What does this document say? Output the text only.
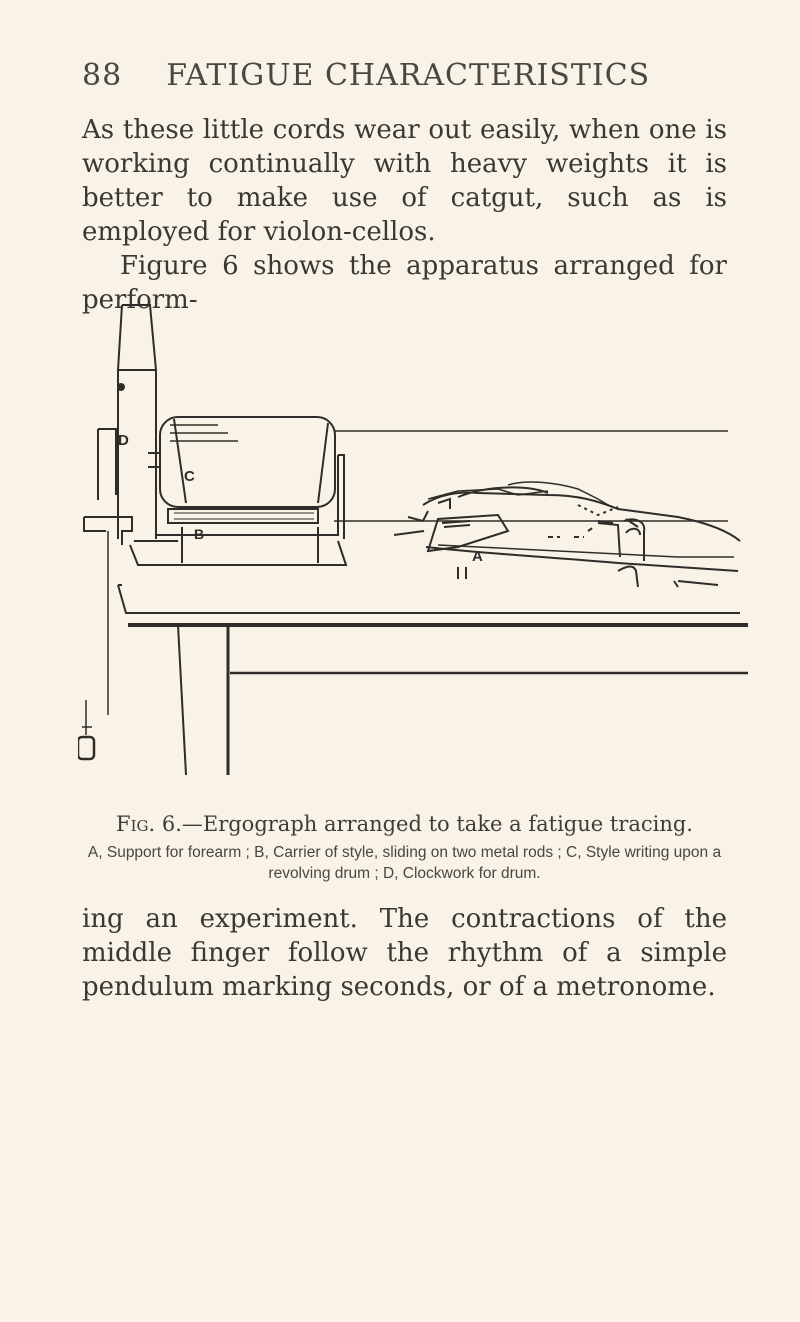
88 FATIGUE CHARACTERISTICS

As these little cords wear out easily, when one is working continually with heavy weights it is better to make use of catgut, such as is employed for violon-cellos.

Figure 6 shows the apparatus arranged for perform-

D
C
B
A
Fig. 6.—Ergograph arranged to take a fatigue tracing.
A, Support for forearm ; B, Carrier of style, sliding on two metal rods ; C, Style writing upon a revolving drum ; D, Clockwork for drum.

ing an experiment. The contractions of the middle finger follow the rhythm of a simple pendulum marking seconds, or of a metronome.
